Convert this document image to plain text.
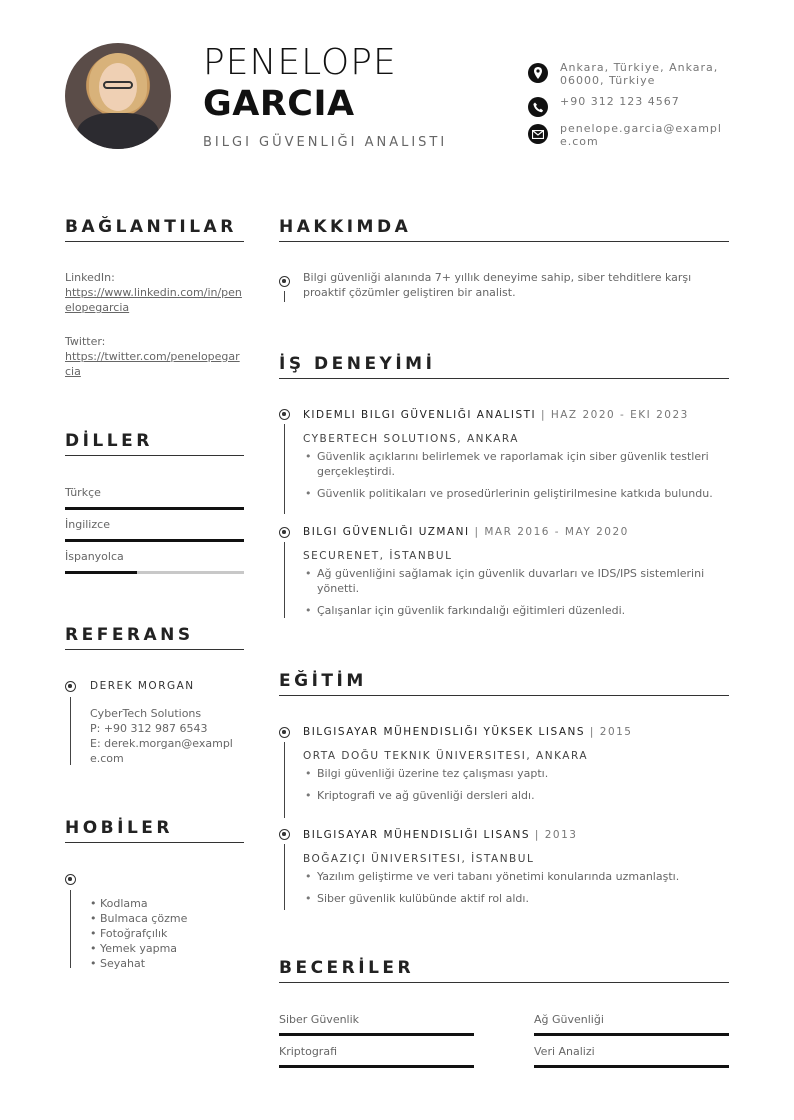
PENELOPE
GARCIA
BILGI GÜVENLIĞI ANALISTI
Ankara, Türkiye, Ankara, 06000, Türkiye
+90 312 123 4567
penelope.garcia@example.com
BAĞLANTILAR
LinkedIn:
https://www.linkedin.com/in/penelopegarcia
Twitter:
https://twitter.com/penelopegarcia
DİLLER
Türkçe
İngilizce
İspanyolca
REFERANS
DEREK MORGAN
CyberTech Solutions
P: +90 312 987 6543
E: derek.morgan@example.com
HOBİLER
• Kodlama
• Bulmaca çözme
• Fotoğrafçılık
• Yemek yapma
• Seyahat
HAKKIMDA
Bilgi güvenliği alanında 7+ yıllık deneyime sahip, siber tehditlere karşı proaktif çözümler geliştiren bir analist.
İŞ DENEYİMİ
KIDEMLI BILGI GÜVENLIĞI ANALISTI | HAZ 2020 - EKI 2023
CYBERTECH SOLUTIONS, ANKARA
• Güvenlik açıklarını belirlemek ve raporlamak için siber güvenlik testleri gerçekleştirdi.
• Güvenlik politikaları ve prosedürlerinin geliştirilmesine katkıda bulundu.
BILGI GÜVENLIĞI UZMANI | MAR 2016 - MAY 2020
SECURENET, İSTANBUL
• Ağ güvenliğini sağlamak için güvenlik duvarları ve IDS/IPS sistemlerini yönetti.
• Çalışanlar için güvenlik farkındalığı eğitimleri düzenledi.
EĞİTİM
BILGISAYAR MÜHENDISLIĞI YÜKSEK LISANS | 2015
ORTA DOĞU TEKNIK ÜNIVERSITESI, ANKARA
• Bilgi güvenliği üzerine tez çalışması yaptı.
• Kriptografi ve ağ güvenliği dersleri aldı.
BILGISAYAR MÜHENDISLIĞI LISANS | 2013
BOĞAZIÇI ÜNIVERSITESI, İSTANBUL
• Yazılım geliştirme ve veri tabanı yönetimi konularında uzmanlaştı.
• Siber güvenlik kulübünde aktif rol aldı.
BECERİLER
Siber Güvenlik	Ağ Güvenliği
Kriptografi	Veri Analizi
